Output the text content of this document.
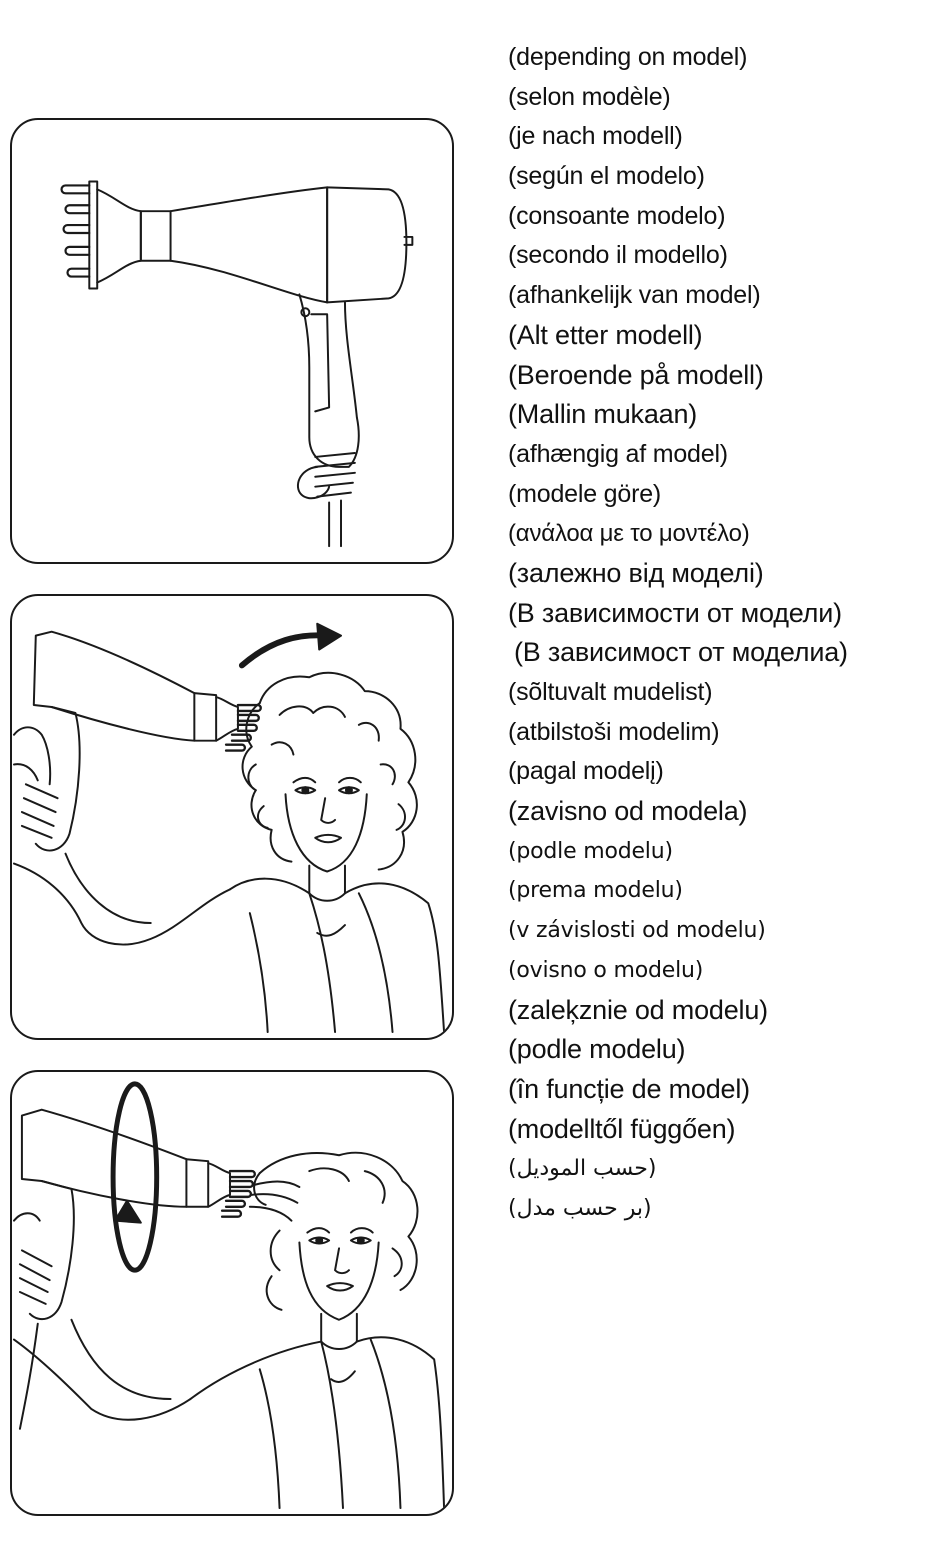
(depending on model)
(selon modèle)
(je nach modell)
(según el modelo)
(consoante modelo)
(secondo il modello)
(afhankelijk van model)
(Alt etter modell)
(Beroende på modell)
(Mallin mukaan)
(afhængig af model)
(modele göre)
(ανάλοα με το μοντέλο)
(залежно від моделі)
(В зависимости от модели)
(В зависимост от моделиа)
(sõltuvalt mudelist)
(atbilstoši modelim)
(pagal modelį)
(zavisno od modela)
(podle modelu)
(prema modelu)
(v závislosti od modelu)
(ovisno o modelu)
(zaleķznie od modelu)
(podle modelu)
(în funcție de model)
(modelltől függően)
(حسب الموديل)
(بر حسب مدل)
